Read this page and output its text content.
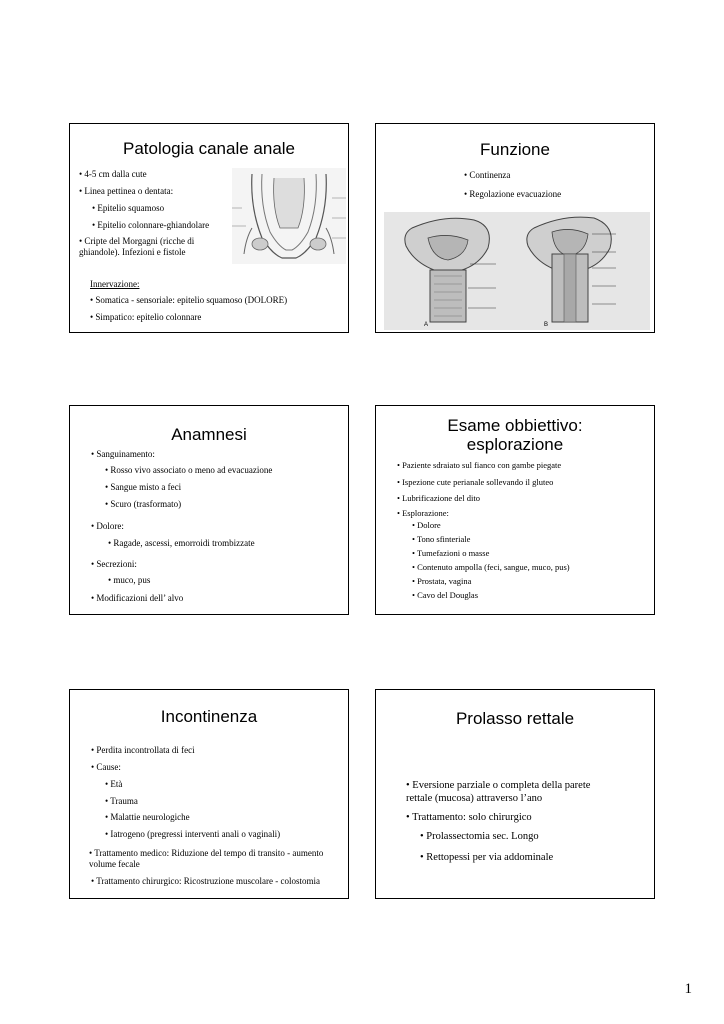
Patologia canale anale
• 4-5 cm dalla cute
• Linea pettinea o dentata:
• Epitelio squamoso
• Epitelio colonnare-ghiandolare
• Cripte del Morgagni (ricche di
ghiandole). Infezioni e fistole
Innervazione:
• Somatica - sensoriale: epitelio squamoso (DOLORE)
• Simpatico: epitelio colonnare
Funzione
• Continenza
• Regolazione evacuazione
A	B
Anamnesi
• Sanguinamento:
• Rosso vivo associato o meno ad evacuazione
• Sangue misto a feci
• Scuro (trasformato)
• Dolore:
• Ragade, ascessi, emorroidi trombizzate
• Secrezioni:
• muco, pus
• Modificazioni dell’ alvo
Esame obbiettivo:
esplorazione
• Paziente sdraiato sul fianco con gambe piegate
• Ispezione cute perianale sollevando il gluteo
• Lubrificazione del dito
• Esplorazione:
• Dolore
• Tono sfinteriale
• Tumefazioni o masse
• Contenuto ampolla (feci, sangue, muco, pus)
• Prostata, vagina
• Cavo del Douglas
Incontinenza
• Perdita incontrollata di feci
• Cause:
• Età
• Trauma
• Malattie neurologiche
• Iatrogeno (pregressi interventi anali o vaginali)
• Trattamento medico: Riduzione del tempo di transito - aumento
volume fecale
• Trattamento chirurgico: Ricostruzione muscolare - colostomia
Prolasso rettale
• Eversione parziale o completa della parete
rettale (mucosa) attraverso l’ano
• Trattamento: solo chirurgico
• Prolassectomia sec. Longo
• Rettopessi per via addominale
1
